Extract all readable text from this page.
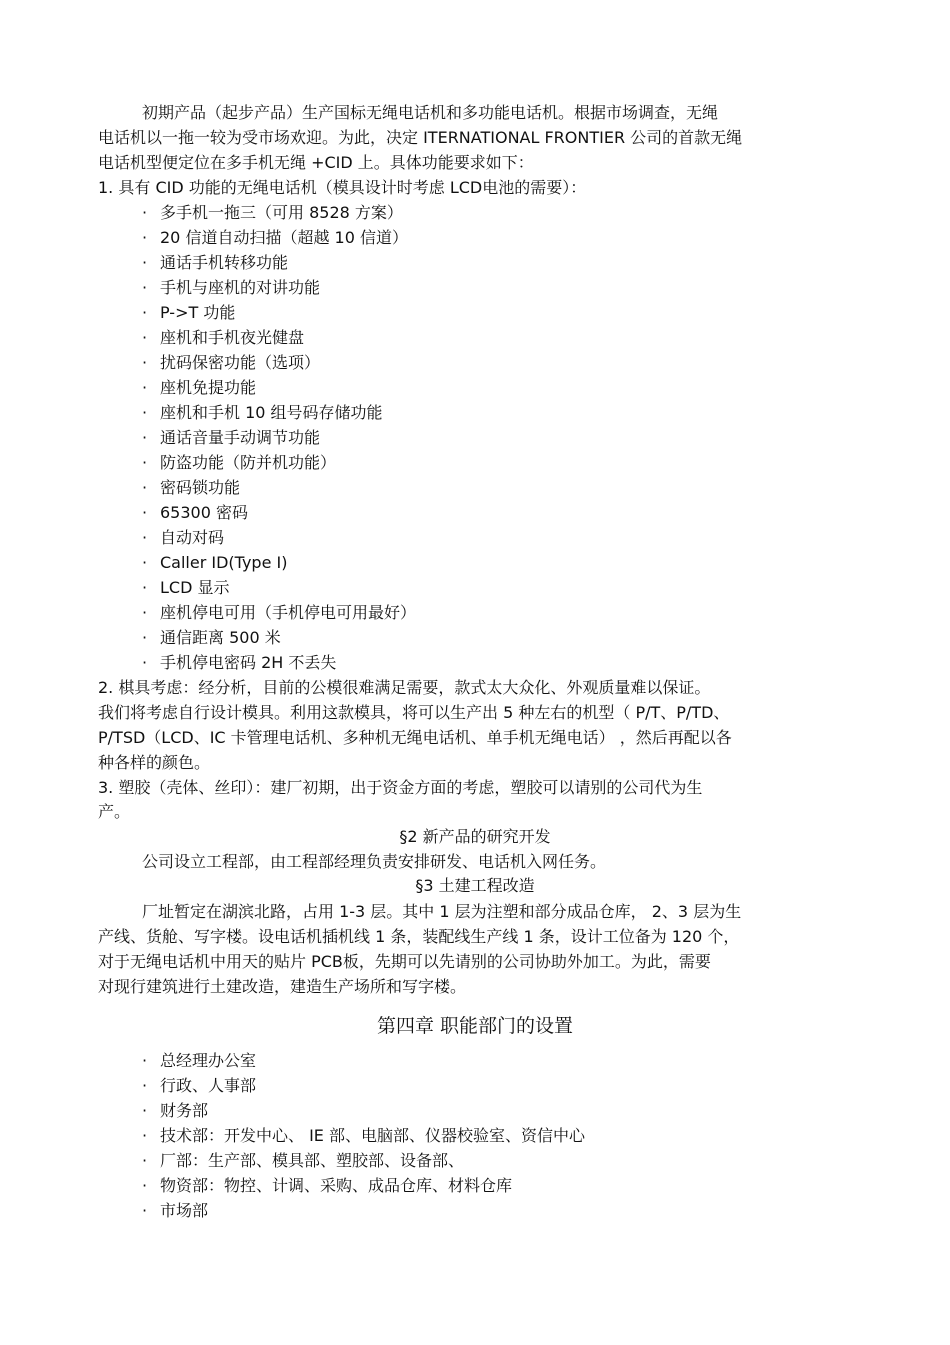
初期产品（起步产品）生产国标无绳电话机和多功能电话机。根据市场调查，无绳
电话机以一拖一较为受市场欢迎。为此，决定 ITERNATIONAL FRONTIER 公司的首款无绳
电话机型便定位在多手机无绳 +CID 上。具体功能要求如下：
1. 具有 CID 功能的无绳电话机（模具设计时考虑 LCD电池的需要）：
· 多手机一拖三（可用 8528 方案）
· 20 信道自动扫描（超越 10 信道）
· 通话手机转移功能
· 手机与座机的对讲功能
· P->T 功能
· 座机和手机夜光健盘
· 扰码保密功能（选项）
· 座机免提功能
· 座机和手机 10 组号码存储功能
· 通话音量手动调节功能
· 防盗功能（防并机功能）
· 密码锁功能
· 65300 密码
· 自动对码
· Caller ID(Type I)
· LCD 显示
· 座机停电可用（手机停电可用最好）
· 通信距离 500 米
· 手机停电密码 2H 不丢失
2. 棋具考虑：经分析，目前的公模很难满足需要，款式太大众化、外观质量难以保证。
我们将考虑自行设计模具。利用这款模具，将可以生产出 5 种左右的机型（ P/T、P/TD、
P/TSD（LCD、IC 卡管理电话机、多种机无绳电话机、单手机无绳电话） ，然后再配以各
种各样的颜色。
3. 塑胶（壳体、丝印）：建厂初期，出于资金方面的考虑，塑胶可以请别的公司代为生
产。
§2 新产品的研究开发
公司设立工程部，由工程部经理负责安排研发、电话机入网任务。
§3 土建工程改造
厂址暂定在湖滨北路，占用 1-3 层。其中 1 层为注塑和部分成品仓库， 2、3 层为生
产线、货舱、写字楼。设电话机插机线 1 条，装配线生产线 1 条，设计工位备为 120 个，
对于无绳电话机中用天的贴片 PCB板，先期可以先请别的公司协助外加工。为此，需要
对现行建筑进行土建改造，建造生产场所和写字楼。
第四章 职能部门的设置
· 总经理办公室
· 行政、人事部
· 财务部
· 技术部：开发中心、 IE 部、电脑部、仪器校验室、资信中心
· 厂部：生产部、模具部、塑胶部、设备部、
· 物资部：物控、计调、采购、成品仓库、材料仓库
· 市场部
